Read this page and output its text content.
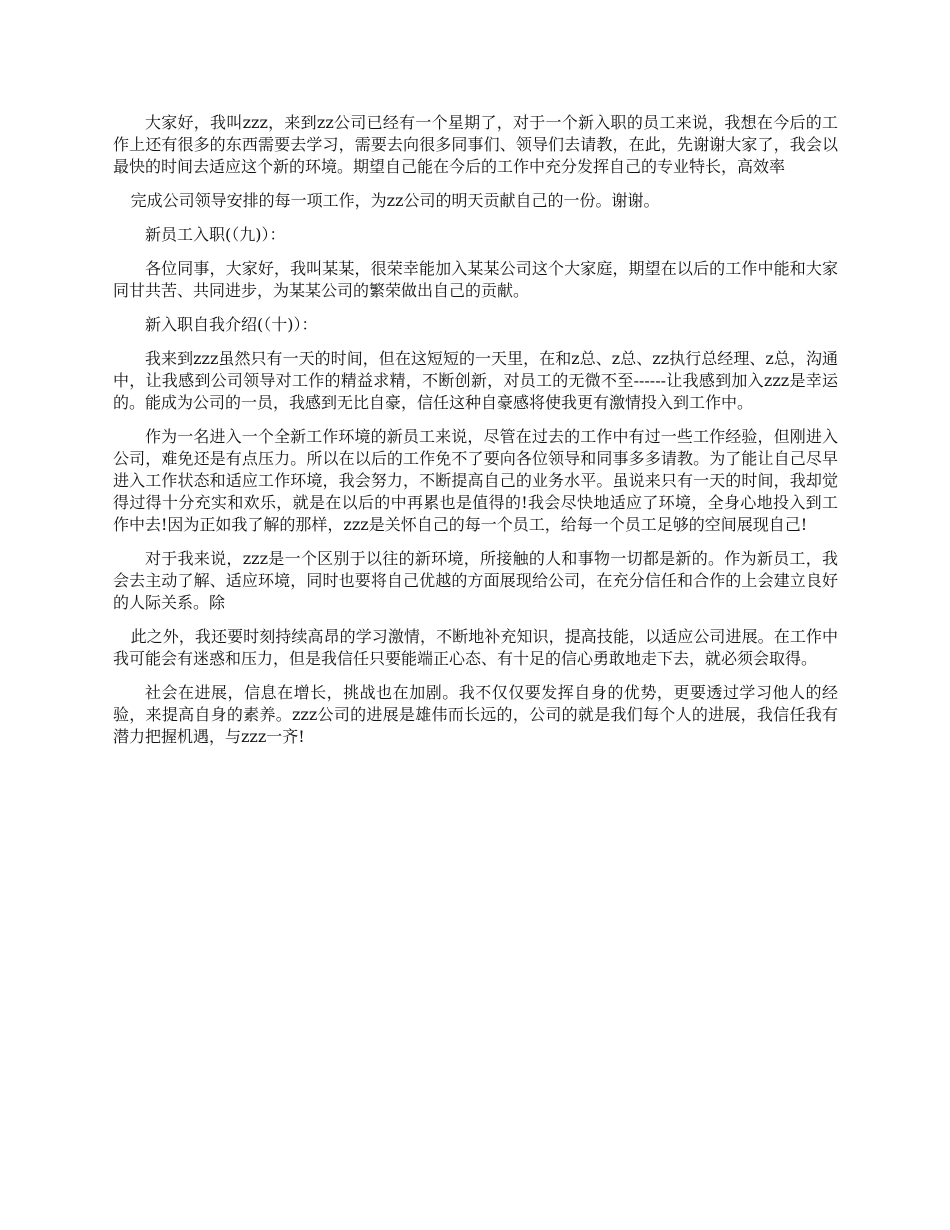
大家好，我叫zzz，来到zz公司已经有一个星期了，对于一个新入职的员工来说，我想在今后的工作上还有很多的东西需要去学习，需要去向很多同事们、领导们去请教，在此，先谢谢大家了，我会以最快的时间去适应这个新的环境。期望自己能在今后的工作中充分发挥自己的专业特长，高效率

完成公司领导安排的每一项工作，为zz公司的明天贡献自己的一份。谢谢。

新员工入职(（九)）：

各位同事，大家好，我叫某某，很荣幸能加入某某公司这个大家庭，期望在以后的工作中能和大家同甘共苦、共同进步，为某某公司的繁荣做出自己的贡献。

新入职自我介绍(（十)）：

我来到zzz虽然只有一天的时间，但在这短短的一天里，在和z总、z总、zz执行总经理、z总，沟通中，让我感到公司领导对工作的精益求精，不断创新，对员工的无微不至------让我感到加入zzz是幸运的。能成为公司的一员，我感到无比自豪，信任这种自豪感将使我更有激情投入到工作中。

作为一名进入一个全新工作环境的新员工来说，尽管在过去的工作中有过一些工作经验，但刚进入公司，难免还是有点压力。所以在以后的工作免不了要向各位领导和同事多多请教。为了能让自己尽早进入工作状态和适应工作环境，我会努力，不断提高自己的业务水平。虽说来只有一天的时间，我却觉得过得十分充实和欢乐，就是在以后的中再累也是值得的!我会尽快地适应了环境，全身心地投入到工作中去!因为正如我了解的那样，zzz是关怀自己的每一个员工，给每一个员工足够的空间展现自己!

对于我来说，zzz是一个区别于以往的新环境，所接触的人和事物一切都是新的。作为新员工，我会去主动了解、适应环境，同时也要将自己优越的方面展现给公司，在充分信任和合作的上会建立良好的人际关系。除

此之外，我还要时刻持续高昂的学习激情，不断地补充知识，提高技能，以适应公司进展。在工作中我可能会有迷惑和压力，但是我信任只要能端正心态、有十足的信心勇敢地走下去，就必须会取得。

社会在进展，信息在增长，挑战也在加剧。我不仅仅要发挥自身的优势，更要透过学习他人的经验，来提高自身的素养。zzz公司的进展是雄伟而长远的，公司的就是我们每个人的进展，我信任我有潜力把握机遇，与zzz一齐!
